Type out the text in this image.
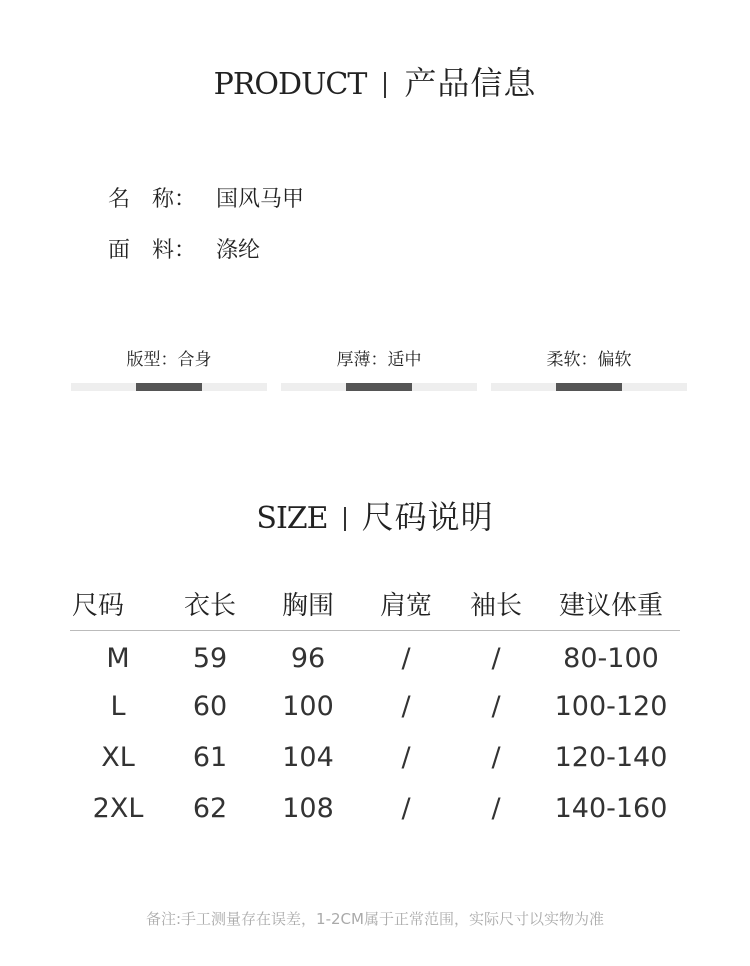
PRODUCT 产品信息
名　称： 国风马甲
面　料： 涤纶
版型：合身	厚薄：适中	柔软：偏软
SIZE 尺码说明
尺码	衣长	胸围	肩宽	袖长	建议体重
M	59	96	/	/	80-100
L	60	100	/	/	100-120
XL	61	104	/	/	120-140
2XL	62	108	/	/	140-160
备注:手工测量存在误差，1-2CM属于正常范围，实际尺寸以实物为准
